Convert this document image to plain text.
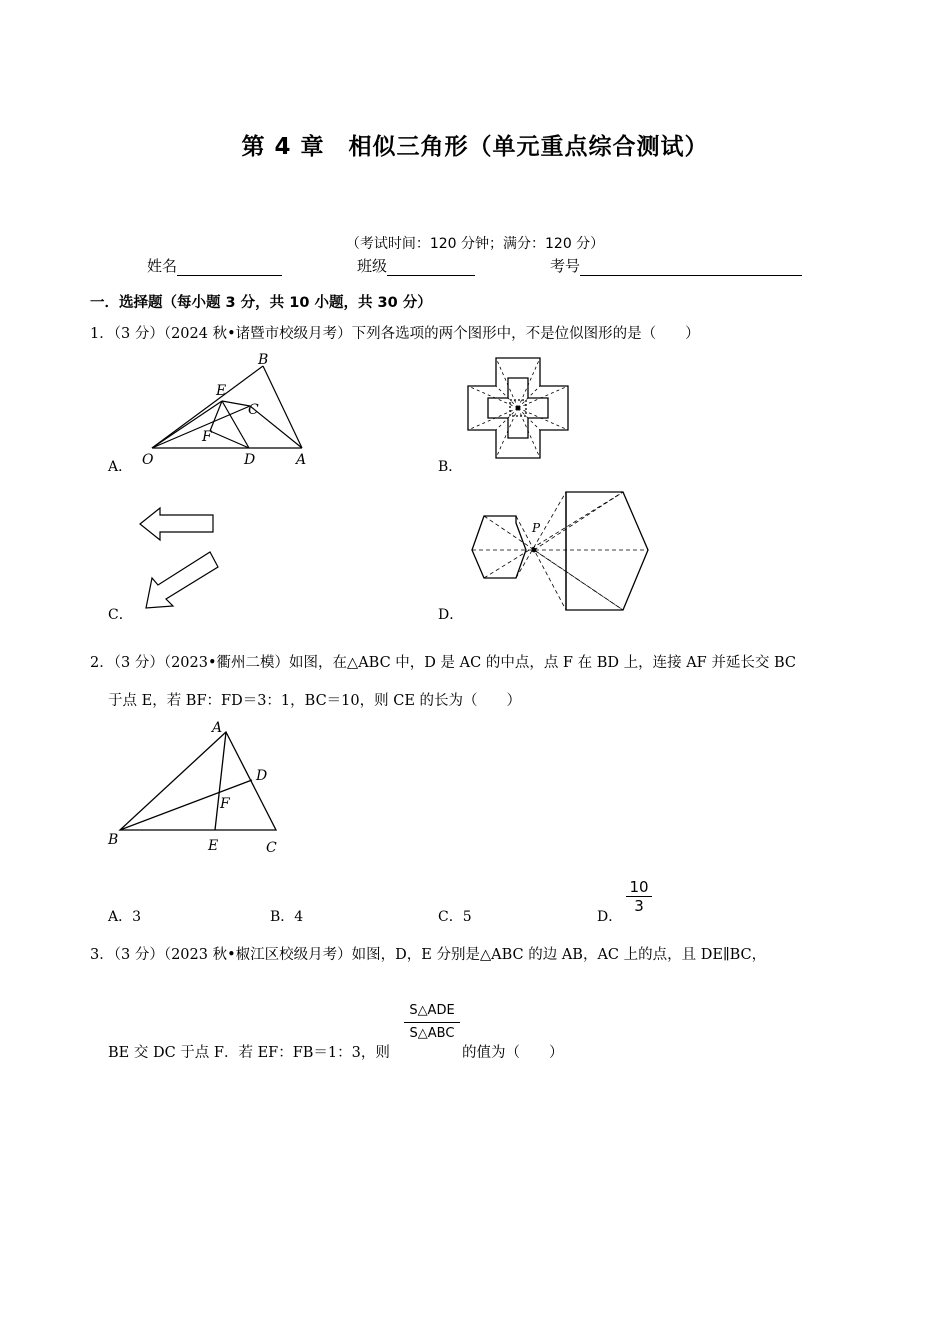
第 4 章　相似三角形（单元重点综合测试）
（考试时间：120 分钟；满分：120 分）
姓名	班级	考号
一．选择题（每小题 3 分，共 10 小题，共 30 分）
1．（3 分）（2024 秋•诸暨市校级月考）下列各选项的两个图形中，不是位似图形的是（　　）
A．
B
E
C
F
O	D	A	B．
C．	D．
P
2．（3 分）（2023•衢州二模）如图，在△ABC 中，D 是 AC 的中点，点 F 在 BD 上，连接 AF 并延长交 BC
于点 E，若 BF：FD＝3：1，BC＝10，则 CE 的长为（　　）
A
D
F
B	E	C
A．3	B．4	C．5	D．
$\frac{10}{3}$
3．（3 分）（2023 秋•椒江区校级月考）如图，D，E 分别是△ABC 的边 AB，AC 上的点，且 DE∥BC，
BE 交 DC 于点 F．若 EF：FB＝1：3，则
S△ADE
S△ABC
的值为（　　）
